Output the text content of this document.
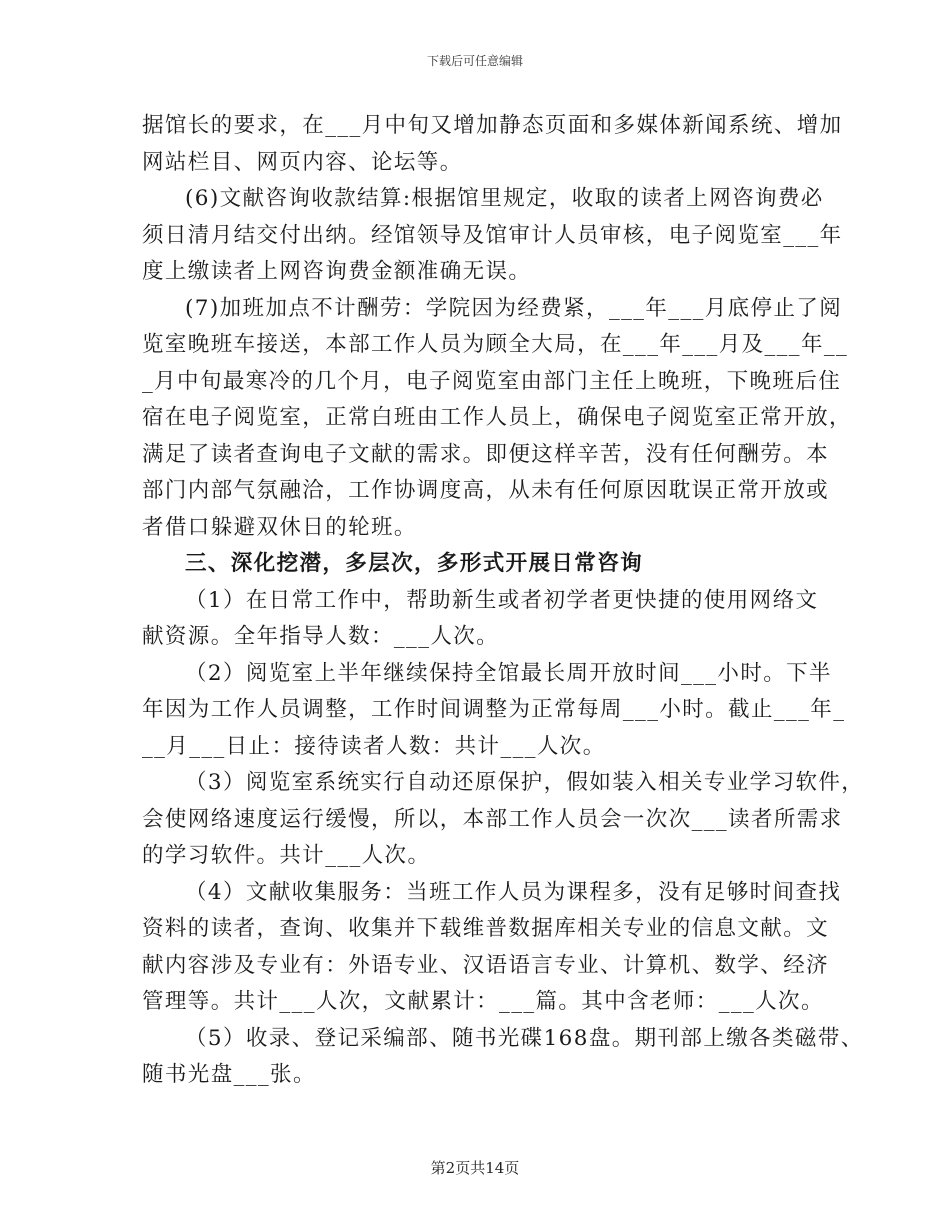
下载后可任意编辑
据馆长的要求，在___月中旬又增加静态页面和多媒体新闻系统、增加
网站栏目、网页内容、论坛等。
(6)文献咨询收款结算:根据馆里规定，收取的读者上网咨询费必
须日清月结交付出纳。经馆领导及馆审计人员审核，电子阅览室___年
度上缴读者上网咨询费金额准确无误。
(7)加班加点不计酬劳：学院因为经费紧，___年___月底停止了阅
览室晚班车接送，本部工作人员为顾全大局，在___年___月及___年__
_月中旬最寒冷的几个月，电子阅览室由部门主任上晚班，下晚班后住
宿在电子阅览室，正常白班由工作人员上，确保电子阅览室正常开放，
满足了读者查询电子文献的需求。即便这样辛苦，没有任何酬劳。本
部门内部气氛融洽，工作协调度高，从未有任何原因耽误正常开放或
者借口躲避双休日的轮班。
三、深化挖潜，多层次，多形式开展日常咨询
（1）在日常工作中，帮助新生或者初学者更快捷的使用网络文
献资源。全年指导人数：___人次。
（2）阅览室上半年继续保持全馆最长周开放时间___小时。下半
年因为工作人员调整，工作时间调整为正常每周___小时。截止___年_
__月___日止：接待读者人数：共计___人次。
（3）阅览室系统实行自动还原保护，假如装入相关专业学习软件，
会使网络速度运行缓慢，所以，本部工作人员会一次次___读者所需求
的学习软件。共计___人次。
（4）文献收集服务：当班工作人员为课程多，没有足够时间查找
资料的读者，查询、收集并下载维普数据库相关专业的信息文献。文
献内容涉及专业有：外语专业、汉语语言专业、计算机、数学、经济
管理等。共计___人次，文献累计：___篇。其中含老师：___人次。
（5）收录、登记采编部、随书光碟168盘。期刊部上缴各类磁带、
随书光盘___张。
第2页共14页
